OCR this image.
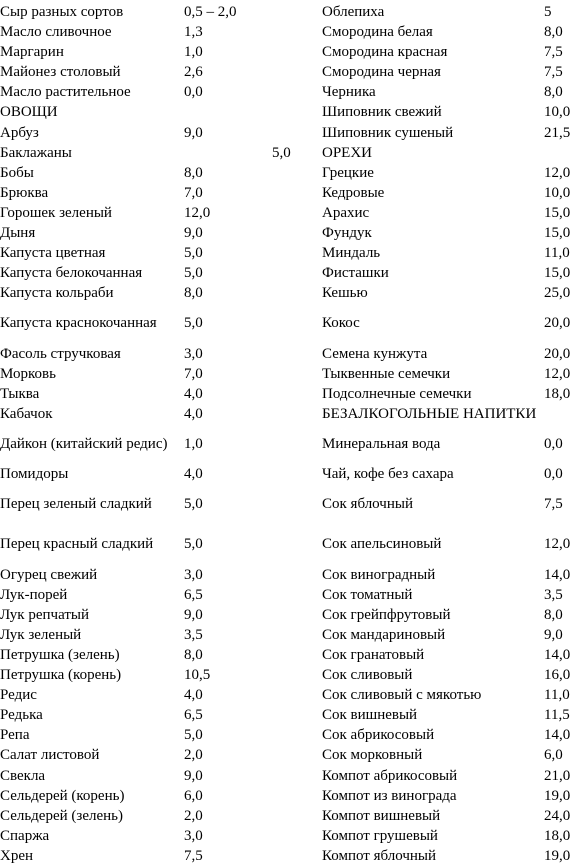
Сыр разных сортов	0,5 – 2,0
Масло сливочное	1,3
Маргарин	1,0
Майонез столовый	2,6
Масло растительное	0,0
ОВОЩИ
Арбуз	9,0
Баклажаны	5,0
Бобы	8,0
Брюква	7,0
Горошек зеленый	12,0
Дыня	9,0
Капуста цветная	5,0
Капуста белокочанная	5,0
Капуста кольраби	8,0
Капуста краснокочанная	5,0
Фасоль стручковая	3,0
Морковь	7,0
Тыква	4,0
Кабачок	4,0
Дайкон (китайский редис)	1,0
Помидоры	4,0
Перец зеленый сладкий	5,0
Перец красный сладкий	5,0
Огурец свежий	3,0
Лук-порей	6,5
Лук репчатый	9,0
Лук зеленый	3,5
Петрушка (зелень)	8,0
Петрушка (корень)	10,5
Редис	4,0
Редька	6,5
Репа	5,0
Салат листовой	2,0
Свекла	9,0
Сельдерей (корень)	6,0
Сельдерей (зелень)	2,0
Спаржа	3,0
Хрен	7,5
Облепиха	5
Смородина белая	8,0
Смородина красная	7,5
Смородина черная	7,5
Черника	8,0
Шиповник свежий	10,0
Шиповник сушеный	21,5
ОРЕХИ
Грецкие	12,0
Кедровые	10,0
Арахис	15,0
Фундук	15,0
Миндаль	11,0
Фисташки	15,0
Кешью	25,0
Кокос	20,0
Семена кунжута	20,0
Тыквенные семечки	12,0
Подсолнечные семечки	18,0
БЕЗАЛКОГОЛЬНЫЕ НАПИТКИ
Минеральная вода	0,0
Чай, кофе без сахара	0,0
Сок яблочный	7,5
Сок апельсиновый	12,0
Сок виноградный	14,0
Сок томатный	3,5
Сок грейпфрутовый	8,0
Сок мандариновый	9,0
Сок гранатовый	14,0
Сок сливовый	16,0
Сок сливовый с мякотью	11,0
Сок вишневый	11,5
Сок абрикосовый	14,0
Сок морковный	6,0
Компот абрикосовый	21,0
Компот из винограда	19,0
Компот вишневый	24,0
Компот грушевый	18,0
Компот яблочный	19,0
